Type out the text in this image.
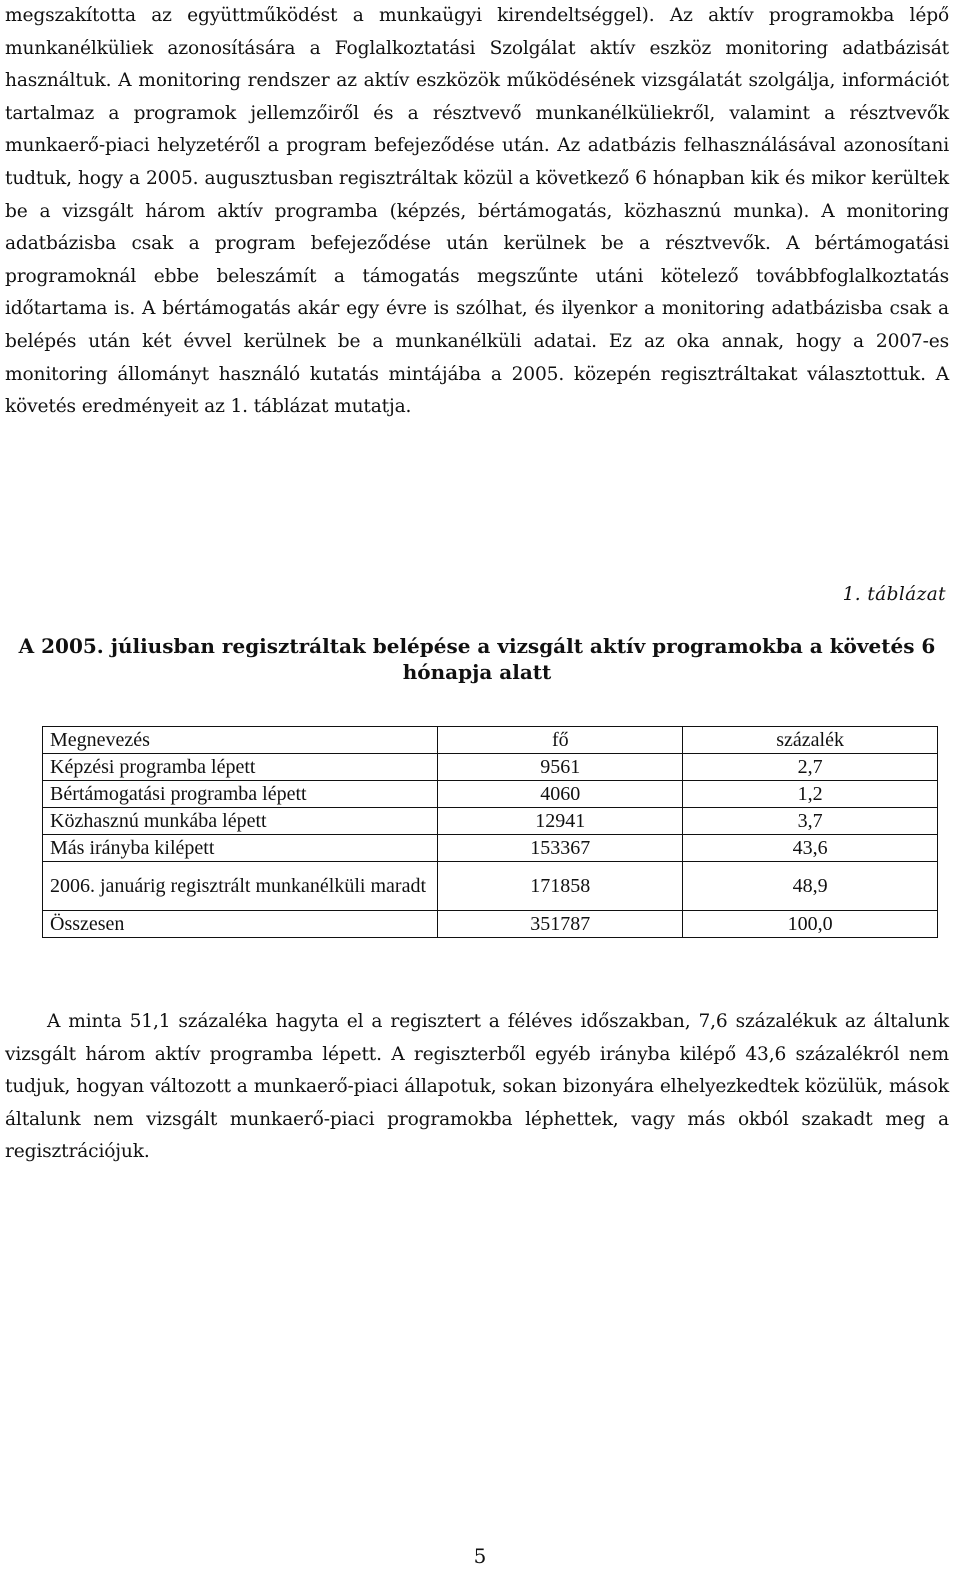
megszakította az együttműködést a munkaügyi kirendeltséggel). Az aktív programokba lépő munkanélküliek azonosítására a Foglalkoztatási Szolgálat aktív eszköz monitoring adatbázisát használtuk. A monitoring rendszer az aktív eszközök működésének vizsgálatát szolgálja, információt tartalmaz a programok jellemzőiről és a résztvevő munkanélküliekről, valamint a résztvevők munkaerő-piaci helyzetéről a program befejeződése után. Az adatbázis felhasználásával azonosítani tudtuk, hogy a 2005. augusztusban regisztráltak közül a következő 6 hónapban kik és mikor kerültek be a vizsgált három aktív programba (képzés, bértámogatás, közhasznú munka). A monitoring adatbázisba csak a program befejeződése után kerülnek be a résztvevők. A bértámogatási programoknál ebbe beleszámít a támogatás megszűnte utáni kötelező továbbfoglalkoztatás időtartama is. A bértámogatás akár egy évre is szólhat, és ilyenkor a monitoring adatbázisba csak a belépés után két évvel kerülnek be a munkanélküli adatai. Ez az oka annak, hogy a 2007-es monitoring állományt használó kutatás mintájába a 2005. közepén regisztráltakat választottuk. A követés eredményeit az 1. táblázat mutatja.

1. táblázat

A 2005. júliusban regisztráltak belépése a vizsgált aktív programokba a követés 6 hónapja alatt

Megnevezés	fő	százalék
Képzési programba lépett	9561	2,7
Bértámogatási programba lépett	4060	1,2
Közhasznú munkába lépett	12941	3,7
Más irányba kilépett	153367	43,6
2006. januárig regisztrált munkanélküli maradt	171858	48,9
Összesen	351787	100,0

A minta 51,1 százaléka hagyta el a regisztert a féléves időszakban, 7,6 százalékuk az általunk vizsgált három aktív programba lépett. A regiszterből egyéb irányba kilépő 43,6 százalékról nem tudjuk, hogyan változott a munkaerő-piaci állapotuk, sokan bizonyára elhelyezkedtek közülük, mások általunk nem vizsgált munkaerő-piaci programokba léphettek, vagy más okból szakadt meg a regisztrációjuk.

5
